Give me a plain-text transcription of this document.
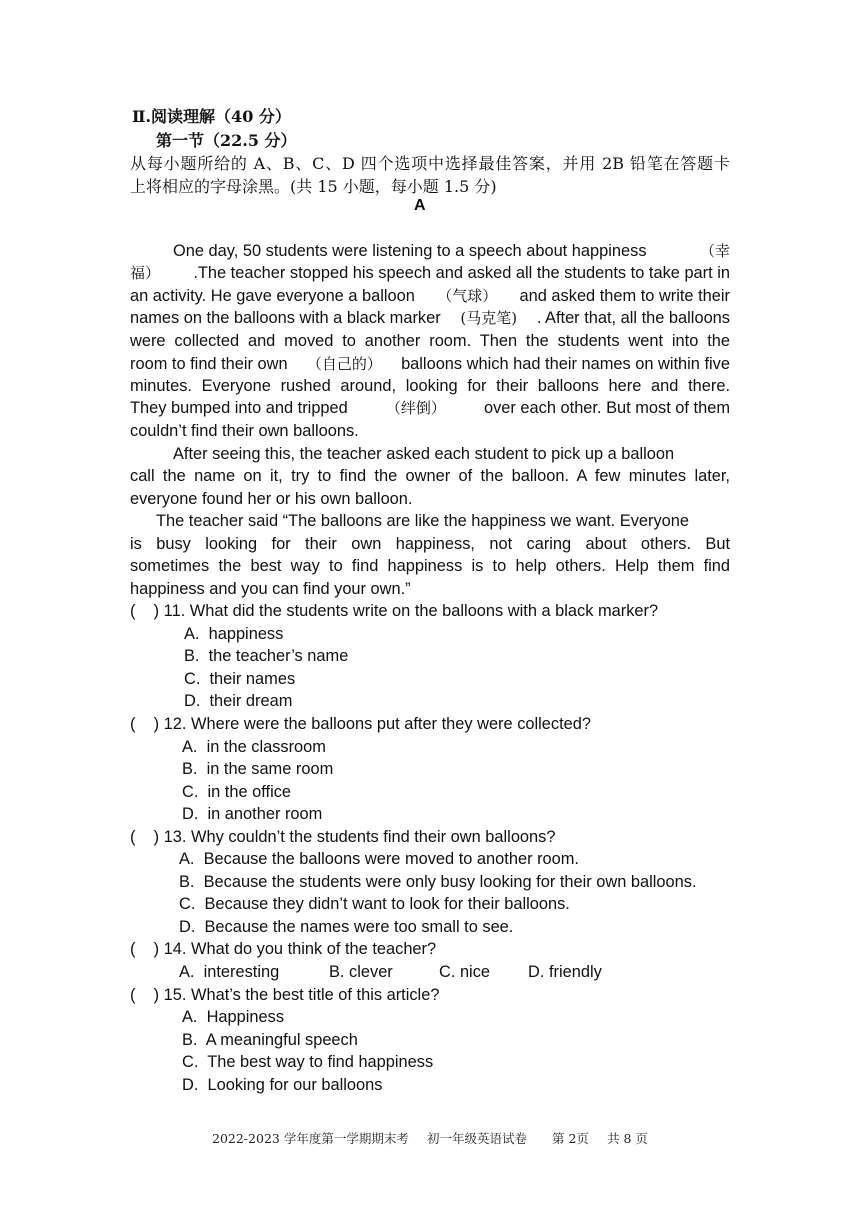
Ⅱ.阅读理解（40 分）
第一节（22.5 分）
从每小题所给的 A、B、C、D 四个选项中选择最佳答案，并用 2B 铅笔在答题卡
上将相应的字母涂黑。(共 15 小题，每小题 1.5 分)
A
One day, 50 students were listening to a speech about happiness	（幸
福） .The teacher stopped his speech and asked all the students to take part in
an activity. He gave everyone a balloon （气球） and asked them to write their
names on the balloons with a black marker (马克笔) . After that, all the balloons
were collected and moved to another room. Then the students went into the
room to find their own （自己的） balloons which had their names on within five
minutes. Everyone rushed around, looking for their balloons here and there.
They bumped into and tripped	（绊倒） over each other. But most of them
couldn’t find their own balloons.
After seeing this, the teacher asked each student to pick up a balloon
call the name on it, try to find the owner of the balloon. A few minutes later,
everyone found her or his own balloon.
The teacher said “The balloons are like the happiness we want. Everyone
is busy looking for their own happiness, not caring about others. But
sometimes the best way to find happiness is to help others. Help them find
happiness and you can find your own.”
(    ) 11. What did the students write on the balloons with a black marker?
A.  happiness
B.  the teacher’s name
C.  their names
D.  their dream
(    ) 12. Where were the balloons put after they were collected?
A.  in the classroom
B.  in the same room
C.  in the office
D.  in another room
(    ) 13. Why couldn’t the students find their own balloons?
A.  Because the balloons were moved to another room.
B.  Because the students were only busy looking for their own balloons.
C.  Because they didn’t want to look for their balloons.
D.  Because the names were too small to see.
(    ) 14. What do you think of the teacher?
A.  interesting	B. clever	C. nice D. friendly
(    ) 15. What’s the best title of this article?
A.  Happiness
B.  A meaningful speech
C.  The best way to find happiness
D.  Looking for our balloons
2022-2023 学年度第一学期期末考 初一年级英语试卷 第 2页 共 8 页
